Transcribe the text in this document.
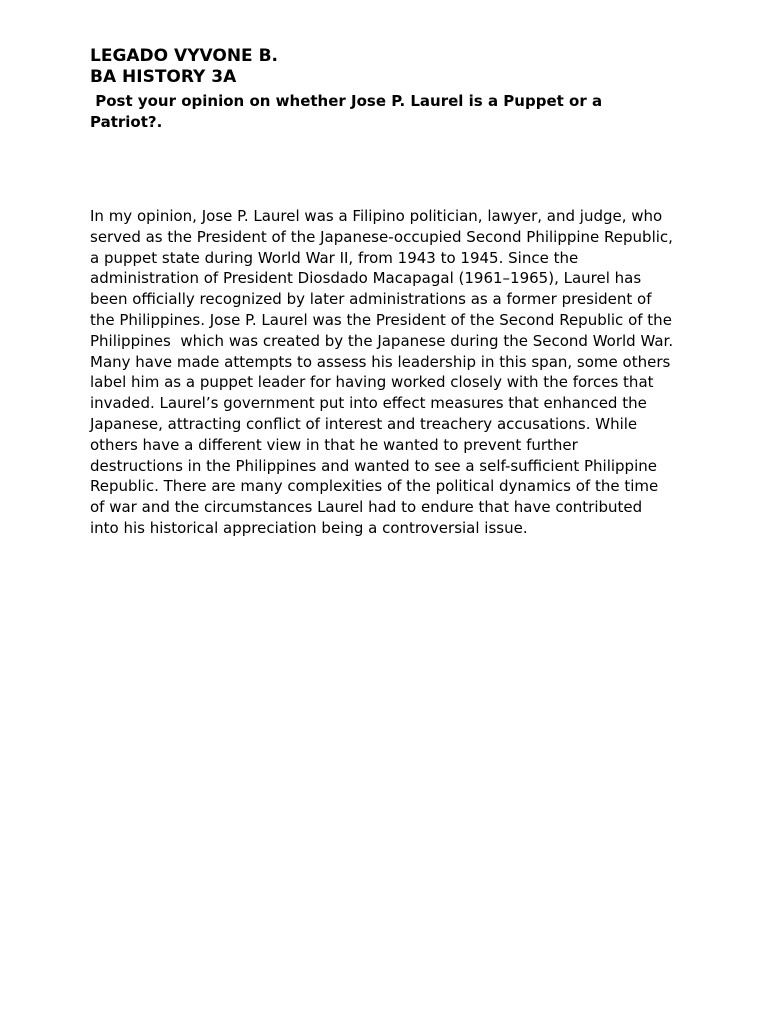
LEGADO VYVONE B.

BA HISTORY 3A

Post your opinion on whether Jose P. Laurel is a Puppet or a Patriot?.

In my opinion, Jose P. Laurel was a Filipino politician, lawyer, and judge, who
served as the President of the Japanese-occupied Second Philippine Republic,
a puppet state during World War II, from 1943 to 1945. Since the
administration of President Diosdado Macapagal (1961–1965), Laurel has
been officially recognized by later administrations as a former president of
the Philippines. Jose P. Laurel was the President of the Second Republic of the
Philippines  which was created by the Japanese during the Second World War.
Many have made attempts to assess his leadership in this span, some others
label him as a puppet leader for having worked closely with the forces that
invaded. Laurel’s government put into effect measures that enhanced the
Japanese, attracting conflict of interest and treachery accusations. While
others have a different view in that he wanted to prevent further
destructions in the Philippines and wanted to see a self-sufficient Philippine
Republic. There are many complexities of the political dynamics of the time
of war and the circumstances Laurel had to endure that have contributed
into his historical appreciation being a controversial issue.
